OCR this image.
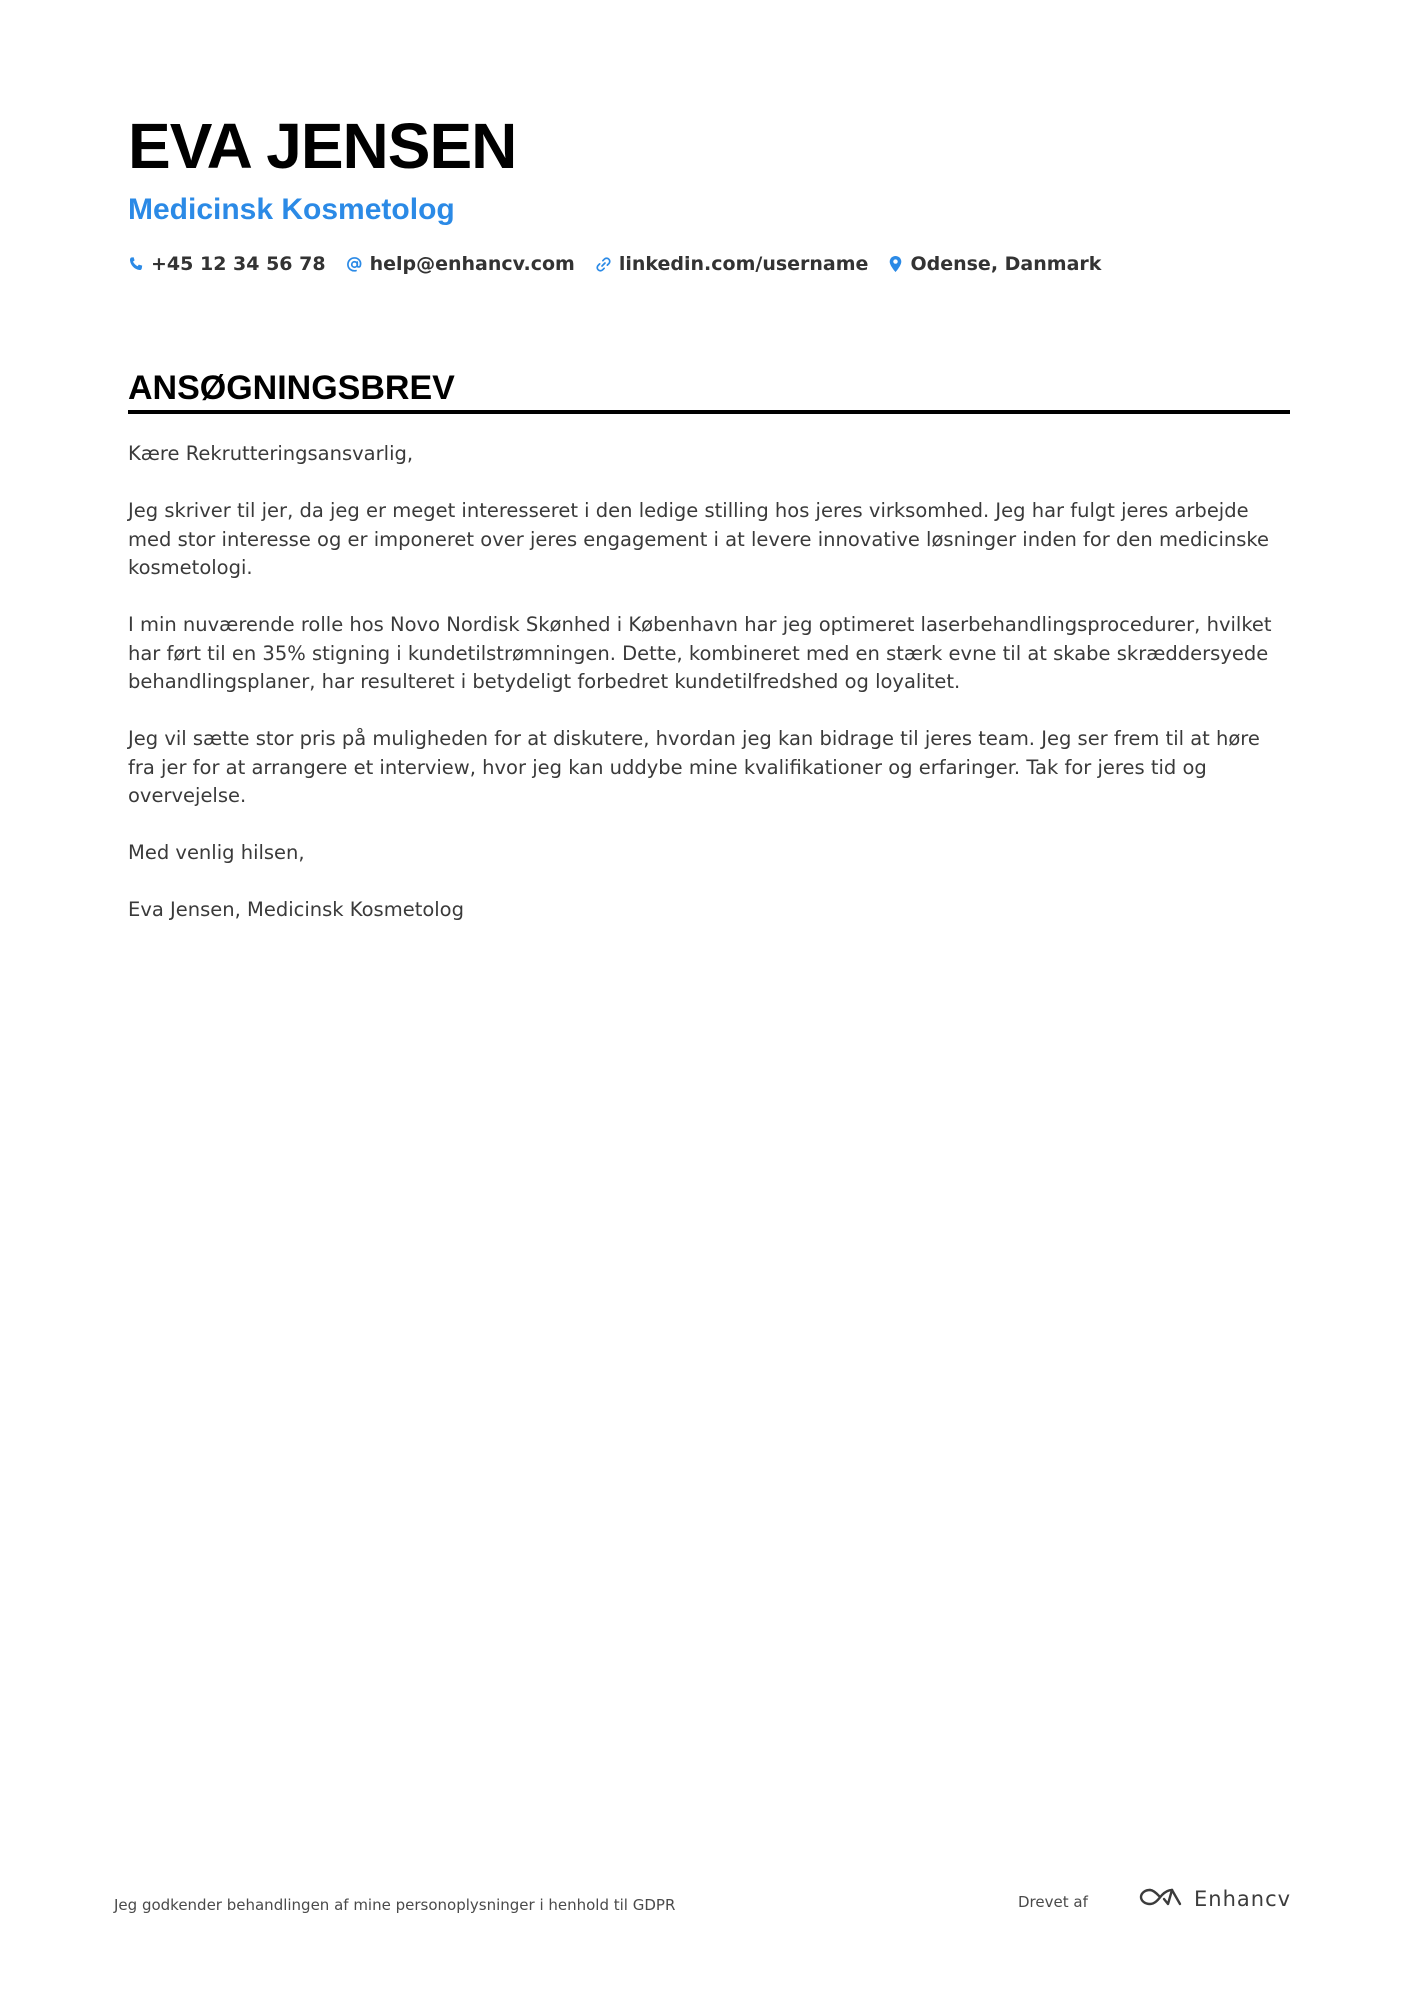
EVA JENSEN
Medicinsk Kosmetolog
+45 12 34 56 78 help@enhancv.com linkedin.com/username Odense, Danmark
ANSØGNINGSBREV

Kære Rekrutteringsansvarlig,

Jeg skriver til jer, da jeg er meget interesseret i den ledige stilling hos jeres virksomhed. Jeg har fulgt jeres arbejde med stor interesse og er imponeret over jeres engagement i at levere innovative løsninger inden for den medicinske kosmetologi.

I min nuværende rolle hos Novo Nordisk Skønhed i København har jeg optimeret laserbehandlingsprocedurer, hvilket har ført til en 35% stigning i kundetilstrømningen. Dette, kombineret med en stærk evne til at skabe skræddersyede behandlingsplaner, har resulteret i betydeligt forbedret kundetilfredshed og loyalitet.

Jeg vil sætte stor pris på muligheden for at diskutere, hvordan jeg kan bidrage til jeres team. Jeg ser frem til at høre fra jer for at arrangere et interview, hvor jeg kan uddybe mine kvalifikationer og erfaringer. Tak for jeres tid og overvejelse.

Med venlig hilsen,

Eva Jensen, Medicinsk Kosmetolog

Jeg godkender behandlingen af mine personoplysninger i henhold til GDPR	Drevet af	Enhancv
